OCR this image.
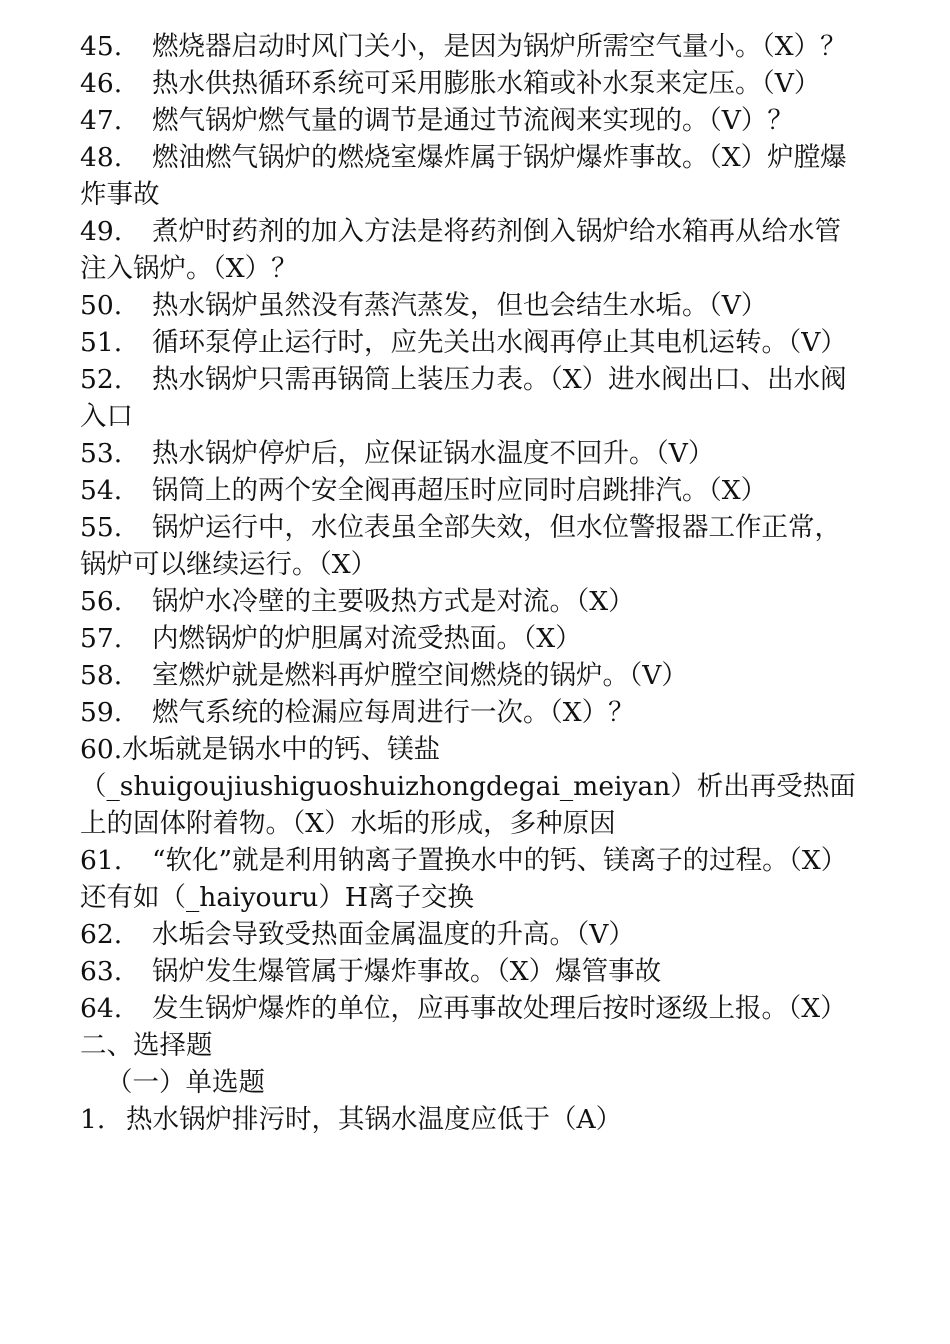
45. 燃烧器启动时风门关小，是因为锅炉所需空气量小。（X）？

46. 热水供热循环系统可采用膨胀水箱或补水泵来定压。（V）

47. 燃气锅炉燃气量的调节是通过节流阀来实现的。（V）？

48. 燃油燃气锅炉的燃烧室爆炸属于锅炉爆炸事故。（X）炉膛爆炸事故

49. 煮炉时药剂的加入方法是将药剂倒入锅炉给水箱再从给水管注入锅炉。（X）？

50. 热水锅炉虽然没有蒸汽蒸发，但也会结生水垢。（V）

51. 循环泵停止运行时，应先关出水阀再停止其电机运转。（V）

52. 热水锅炉只需再锅筒上装压力表。（X）进水阀出口、出水阀入口

53. 热水锅炉停炉后，应保证锅水温度不回升。（V）

54. 锅筒上的两个安全阀再超压时应同时启跳排汽。（X）

55. 锅炉运行中，水位表虽全部失效，但水位警报器工作正常，锅炉可以继续运行。（X）

56. 锅炉水冷壁的主要吸热方式是对流。（X）

57. 内燃锅炉的炉胆属对流受热面。（X）

58. 室燃炉就是燃料再炉膛空间燃烧的锅炉。（V）

59. 燃气系统的检漏应每周进行一次。（X）？

60.水垢就是锅水中的钙、镁盐
（_shuigoujiushiguoshuizhongdegai_meiyan）析出再受热面上的固体附着物。（X）水垢的形成，多种原因

61. “软化”就是利用钠离子置换水中的钙、镁离子的过程。（X）还有如（_haiyouru）H离子交换

62. 水垢会导致受热面金属温度的升高。（V）

63. 锅炉发生爆管属于爆炸事故。（X）爆管事故

64. 发生锅炉爆炸的单位，应再事故处理后按时逐级上报。（X）

二、选择题

（一）单选题

1. 热水锅炉排污时，其锅水温度应低于（A）
